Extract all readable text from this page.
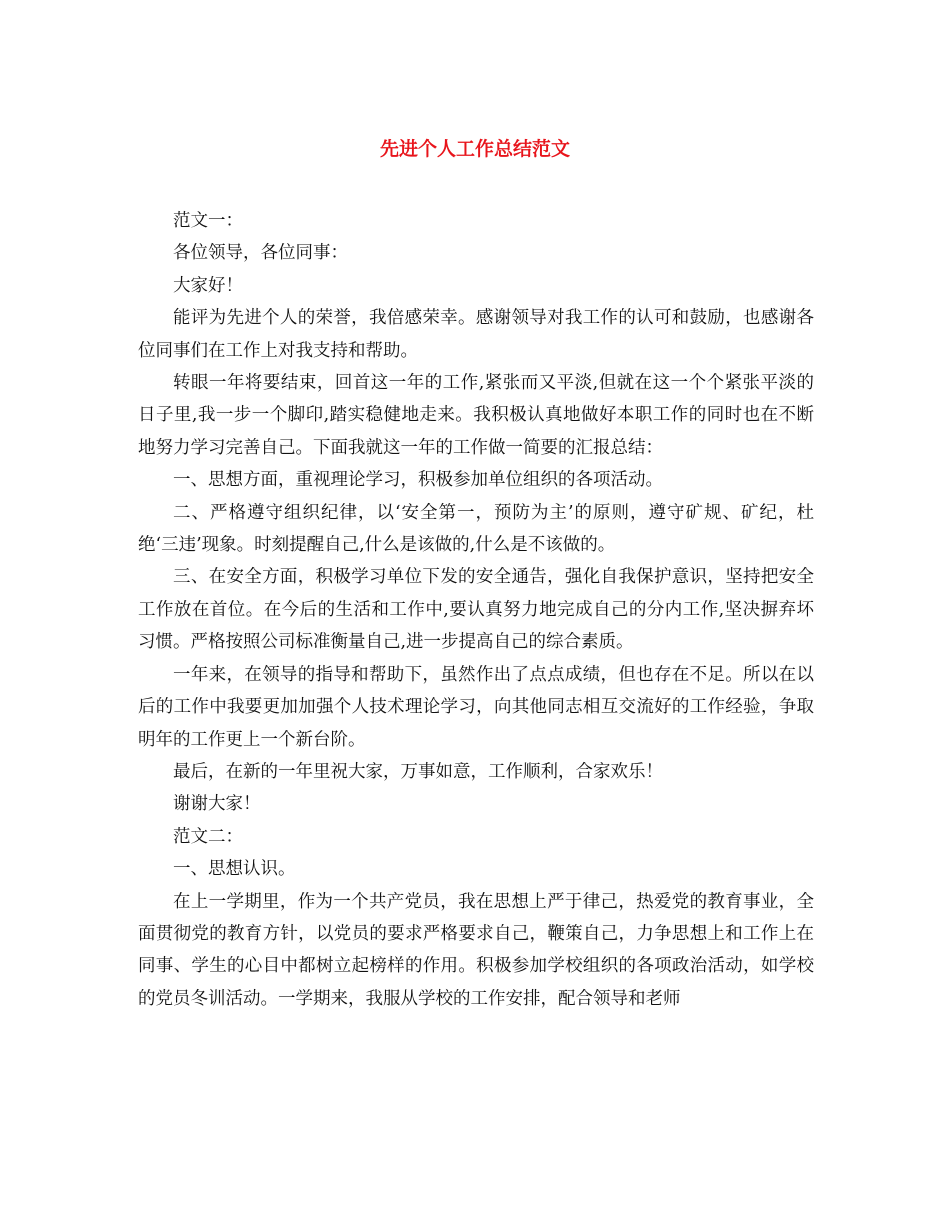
先进个人工作总结范文

范文一：

各位领导，各位同事：

大家好！

能评为先进个人的荣誉，我倍感荣幸。感谢领导对我工作的认可和鼓励，也感谢各位同事们在工作上对我支持和帮助。

转眼一年将要结束，回首这一年的工作,紧张而又平淡,但就在这一个个紧张平淡的日子里,我一步一个脚印,踏实稳健地走来。我积极认真地做好本职工作的同时也在不断地努力学习完善自己。下面我就这一年的工作做一简要的汇报总结：

一、思想方面，重视理论学习，积极参加单位组织的各项活动。

二、严格遵守组织纪律，以‘安全第一，预防为主’的原则，遵守矿规、矿纪，杜绝‘三违’现象。时刻提醒自己,什么是该做的,什么是不该做的。

三、在安全方面，积极学习单位下发的安全通告，强化自我保护意识，坚持把安全工作放在首位。在今后的生活和工作中,要认真努力地完成自己的分内工作,坚决摒弃坏习惯。严格按照公司标准衡量自己,进一步提高自己的综合素质。

一年来，在领导的指导和帮助下，虽然作出了点点成绩，但也存在不足。所以在以后的工作中我要更加加强个人技术理论学习，向其他同志相互交流好的工作经验，争取明年的工作更上一个新台阶。

最后，在新的一年里祝大家，万事如意，工作顺利，合家欢乐！

谢谢大家！

范文二：

一、思想认识。

在上一学期里，作为一个共产党员，我在思想上严于律己，热爱党的教育事业，全面贯彻党的教育方针，以党员的要求严格要求自己，鞭策自己，力争思想上和工作上在同事、学生的心目中都树立起榜样的作用。积极参加学校组织的各项政治活动，如学校的党员冬训活动。一学期来，我服从学校的工作安排，配合领导和老师
